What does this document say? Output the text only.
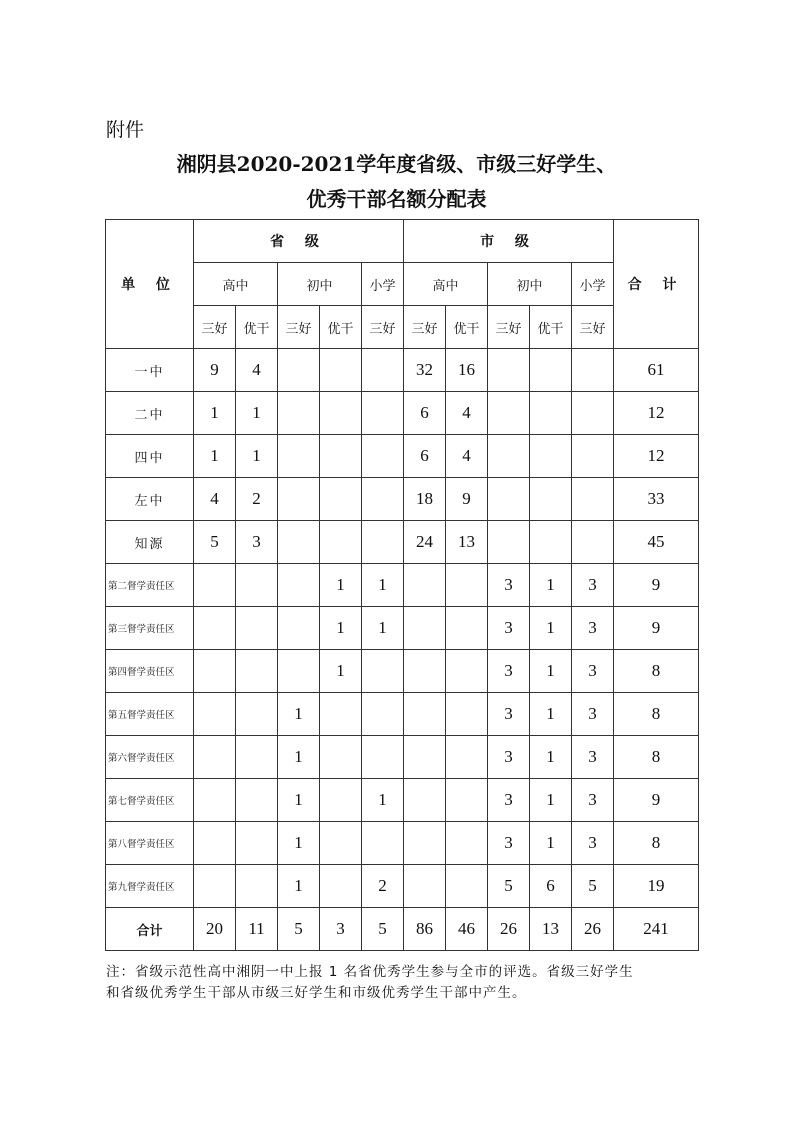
附件
湘阴县2020-2021学年度省级、市级三好学生、
优秀干部名额分配表
单 位	省 级					市 级					合 计
	高中		初中		小学	高中		初中		小学	
	三好	优干	三好	优干	三好	三好	优干	三好	优干	三好	
一中	9	4				32	16				61
二中	1	1				6	4				12
四中	1	1				6	4				12
左中	4	2				18	9				33
知源	5	3				24	13				45
第二督学责任区				1	1			3	1	3	9
第三督学责任区				1	1			3	1	3	9
第四督学责任区				1				3	1	3	8
第五督学责任区			1					3	1	3	8
第六督学责任区			1					3	1	3	8
第七督学责任区			1		1			3	1	3	9
第八督学责任区			1					3	1	3	8
第九督学责任区			1		2			5	6	5	19
合计	20	11	5	3	5	86	46	26	13	26	241
注：省级示范性高中湘阴一中上报 1 名省优秀学生参与全市的评选。省级三好学生
和省级优秀学生干部从市级三好学生和市级优秀学生干部中产生。
